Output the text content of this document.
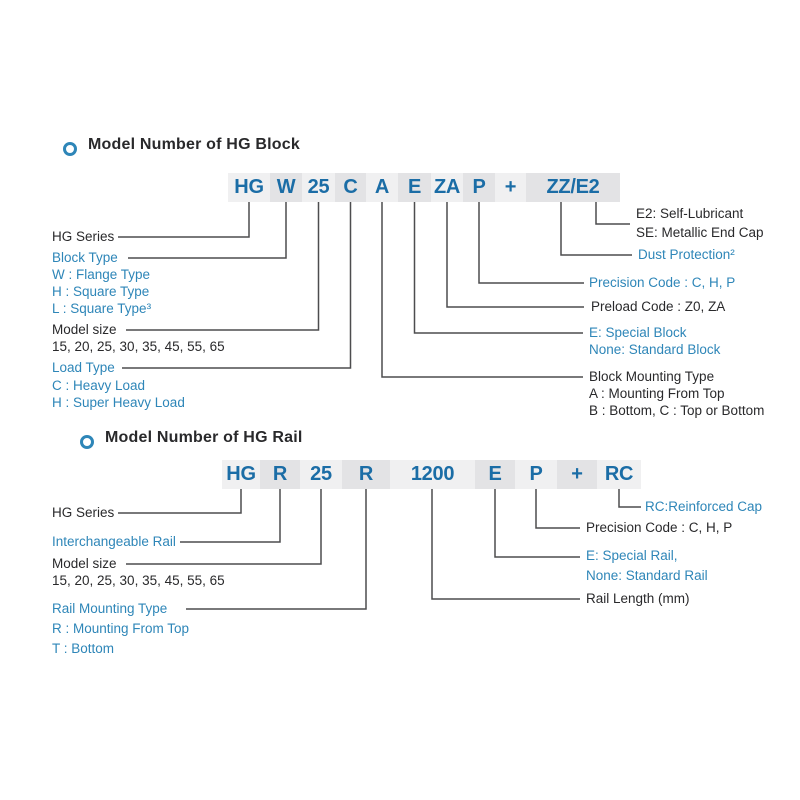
Model Number of HG Block
HG W 25 C A E ZA P +	ZZ/E2
HG Series
Block Type
W : Flange Type
H : Square Type
L : Square Type³
Model size
15, 20, 25, 30, 35, 45, 55, 65
Load Type
C : Heavy Load
H : Super Heavy Load
E2: Self-Lubricant
SE: Metallic End Cap
Dust Protection²
Precision Code : C, H, P
Preload Code : Z0, ZA
E: Special Block
None: Standard Block
Block Mounting Type
A : Mounting From Top
B : Bottom, C : Top or Bottom
Model Number of HG Rail
HG R	25	R	1200	E	P	+	RC
HG Series
Interchangeable Rail
Model size
15, 20, 25, 30, 35, 45, 55, 65
Rail Mounting Type
R : Mounting From Top
T : Bottom
RC:Reinforced Cap
Precision Code : C, H, P
E: Special Rail,
None: Standard Rail
Rail Length (mm)
